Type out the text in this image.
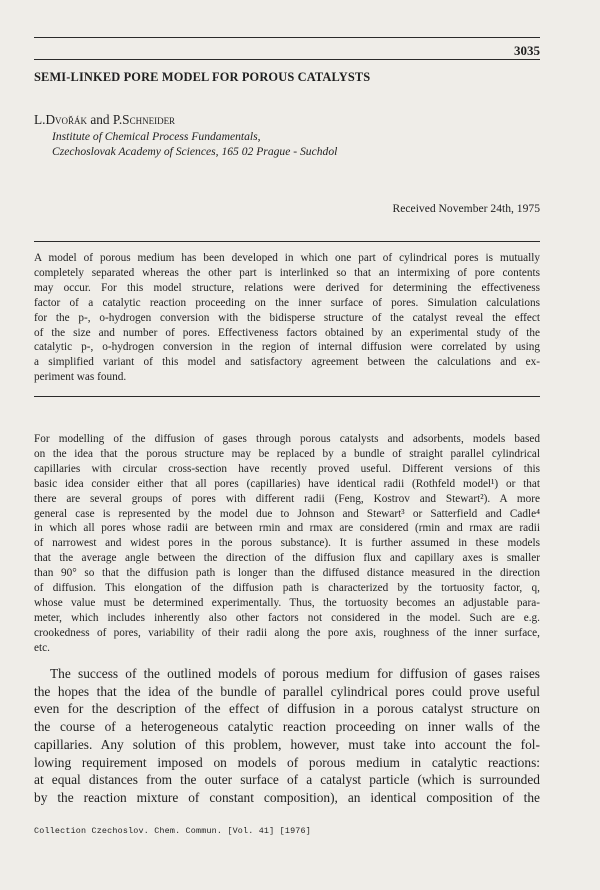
3035
SEMI-LINKED PORE MODEL FOR POROUS CATALYSTS
L.Dvořák and P.Schneider
Institute of Chemical Process Fundamentals,
Czechoslovak Academy of Sciences, 165 02 Prague - Suchdol
Received November 24th, 1975
A model of porous medium has been developed in which one part of cylindrical pores is mutually
completely separated whereas the other part is interlinked so that an intermixing of pore contents
may occur. For this model structure, relations were derived for determining the effectiveness
factor of a catalytic reaction proceeding on the inner surface of pores. Simulation calculations
for the p-, o-hydrogen conversion with the bidisperse structure of the catalyst reveal the effect
of the size and number of pores. Effectiveness factors obtained by an experimental study of the
catalytic p-, o-hydrogen conversion in the region of internal diffusion were correlated by using
a simplified variant of this model and satisfactory agreement between the calculations and ex-
periment was found.
For modelling of the diffusion of gases through porous catalysts and adsorbents, models based
on the idea that the porous structure may be replaced by a bundle of straight parallel cylindrical
capillaries with circular cross-section have recently proved useful. Different versions of this
basic idea consider either that all pores (capillaries) have identical radii (Rothfeld model¹) or that
there are several groups of pores with different radii (Feng, Kostrov and Stewart²). A more
general case is represented by the model due to Johnson and Stewart³ or Satterfield and Cadle⁴
in which all pores whose radii are between rmin and rmax are considered (rmin and rmax are radii
of narrowest and widest pores in the porous substance). It is further assumed in these models
that the average angle between the direction of the diffusion flux and capillary axes is smaller
than 90° so that the diffusion path is longer than the diffused distance measured in the direction
of diffusion. This elongation of the diffusion path is characterized by the tortuosity factor, q,
whose value must be determined experimentally. Thus, the tortuosity becomes an adjustable para-
meter, which includes inherently also other factors not considered in the model. Such are e.g.
crookedness of pores, variability of their radii along the pore axis, roughness of the inner surface,
etc.
The success of the outlined models of porous medium for diffusion of gases raises
the hopes that the idea of the bundle of parallel cylindrical pores could prove useful
even for the description of the effect of diffusion in a porous catalyst structure on
the course of a heterogeneous catalytic reaction proceeding on inner walls of the
capillaries. Any solution of this problem, however, must take into account the fol-
lowing requirement imposed on models of porous medium in catalytic reactions:
at equal distances from the outer surface of a catalyst particle (which is surrounded
by the reaction mixture of constant composition), an identical composition of the
Collection Czechoslov. Chem. Commun. [Vol. 41] [1976]
